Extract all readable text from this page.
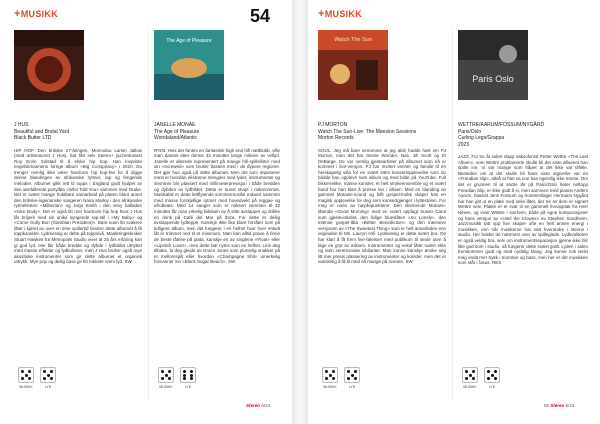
+MUSIKK	54
J HUS
Beautiful and Brutal Yard
Black Butter LTD
HIP HOP. Den britiske 27-åringen, Momodou Lamin Jallow (med artistnavnet J Hus), har fått selv Stereo+ jazzentusiast Roy Ervin Solstad til å elske hip hop. Han lovpriste engelskmannens forrige album «Big Conspiracy» i 2020. Du trenger nemlig ikke være hardcore hip hop-fan for å digge denne blandingen av afrikanske rytmer, rap og fengende melodier. Albumet gikk rett til topps i England godt hjulpet av den iørefallende partylåta «Who Told You» sammen med Drake. Det er svært mange fruktbare samarbeid på platen blant annet den britiske-nigerianske sangeren Naira Marley i den afrikanske rytmefesten «Militerian» og Jorja Smith i den sexy balladen «Nice Body». Det er også litt mer hardcore hip hop hvor J Hus får briljere med sin unike syngende rap-stil i «My Baby» og «Come Gully Bun (Gambian President)». Bare noen litt svakere låter i kjøret av over en time spillertid hindrer dette albumet å få toppkarakter. Lydmessig er dette på toppnivå. Masteringtekniker Stuart Hawkes fra Metropolis Studio viser at 25 års erfaring kan gi god lyd. Her blir både bredde og dybde i lydbildet utnyttet med masse effekter og lydkulisser, men J Hus bruker også mye akustiske instrumenter som gir dette albumet et organisk uttrykk. Mye pop og deilig bass gir litt rokkete varm lyd. SW
MUSIKK	LYD
The Age of Pleasure
JANELLE MONÁE
The Age of Pleasure
Wondaland/Atlantic
R'N'B. Hvis det fantes en fantastisk high end hifi nattklubb, ville man danset etter denne 32 minutter lange miksen av vellyd. Janelle er allerede representert på mange hifi-spillelister med sin «Screwed» som bruker bassen med i de dypere regioner. Det gjør hun også på dette albumet. Men det som imponerer mest er hvordan ekstreme mengder med lyder, instrumenter og stemmer blir plassert med millimeterpresisjon i både bredden og dybden av lydbildet. Dette er kunst skapt i miksrommet. Musikalsk er dette lettflytende sommermusikk miksert sammen med masse forskjellige rytmer med hovedvekt på reggae og afrobeats. Med 14 sanger som er miksert sammen til 32 minutter får man virkelig følelsen av å sitte avslappet og drikke en drink på Café del Mar på Ibiza. For dette er deilig avslappende lydteppe. Kanskje ikke like klare hit-låter som på tidligere album, men det fungerer i en helhet hvor hver enkelt låt er trimmet ned til et minimum. Man kan alltid prøve å finne de beste låtene på plata, kanskje en av singlene «Float» eller «Lipstick Lover», men dette bør nytes som en helhet. Lein deg tilbake, la deg gleide av Grace Jones som plutselig snakker på et mellomspill eller hvordan «Champagne Shit» umerkelig forsvinner inn «Black Sugar Beach». SW
MUSIKK	LYD
Stereo 6/23
+MUSIKK
Watch The Sun
PJ MORTON
Watch The Sun-Live: The Mansion Sessions
Morton Records
SOUL. Jeg må bare innromme at jeg aldri hadde hørt om PJ Morton, men det har Stevie Wonder, Nas, Jill Scott og El DeBarge. De var nemlig gjesteartister på albumet som nå er kommet i live-versjon. PJ har invitert venner og familie til en herskapelig villa for en svært intim konsertopplevelse som du bådde kan oppleve som album og med bilde på YouTube. Full bikkerrekke, masse korister, et helt strykeensemble og et svært band har han klart å presse inn i villaen. Med en blanding av gammel Motown-sound og fullt gospel-troikk skaper han en magisk opplevelse for deg som konsertgjenger i lyttestolen. For meg er noen av høydepunktene: Den skinnende Motown-låtende «Good Morning» med en svært oppfagt Susan Carol som gjestevokalist, den livlige blueslåten «So Lonely», den intense gospel-låta «Better Benediction» og den intensive versjonen av «The Sweetest Thing» som er helt annerledes enn originalen til Ms. Lauryn Hill. Lydmessig er dette svært bra. De har klart å få frem live-følelsen med publikum til stede uten å lage en gryt av miksen. Instrumenter og vokal låter svært ekte og uten seremoniale sibilanter. Man kunne kanskje ønske seg litt mer presis plassering av instrumenter og korister, men det er vanskelig å få til med så mange på scenen. SW
MUSIKK	LYD
Paris Oslo
WETTRE/AARUM/FOSSUM/NYGÅRD
Paris/Oslo
Curling Legs/Grappa
2023
JAZZ. For tre år siden slapp saksofonist Petter Wettre «The Last Album», som Wettre proklamerte skulle bli det siste albumet han spilte inn. Vi var mange som håpet at det ikke var tilfelle. Besteden om at det skulle bli hans siste utgivelse var en «Freudian slip», altså at han sa noe han egentlig ikke mente. Om det er grunnen til at andre lår på Paris/Oslo heter nettopp Freudian Slip, er ikke godt å si, men sammen med pianist Anders Aarum, bassist Jens Fossum og trommeslager Hermann Nygård har han gitt ut en plate med seks låter, der tre av dem er signert Wettre selv. Platen er et svar til en gammelt liveopptak fra Herr Nilsen, og viser Wettre i storform, både på egne komposisjoner og hans versjon av «Until the Clowns» av Stephen Sondheim. Jazzmusikk tatt opp live skaper ofte en helt annen energi i musikken, enn når musikerne har satt hverandre i stevne i studio. Her holder de nærmest over av spilleglede. Lydkvaliteten er også veldig bra, selv om instrumentseparasjon gjerne ikke blir like god som i studio, så fungerer dette svært godt. Lyden i salen fremkommer godt og med nydelig klang. Jeg kunne nok tenkt meg enda mer trykk i trommer og bass, men her er det musikken som står i fokus. RES
MUSIKK	LYD
55 Stereo 6/23
